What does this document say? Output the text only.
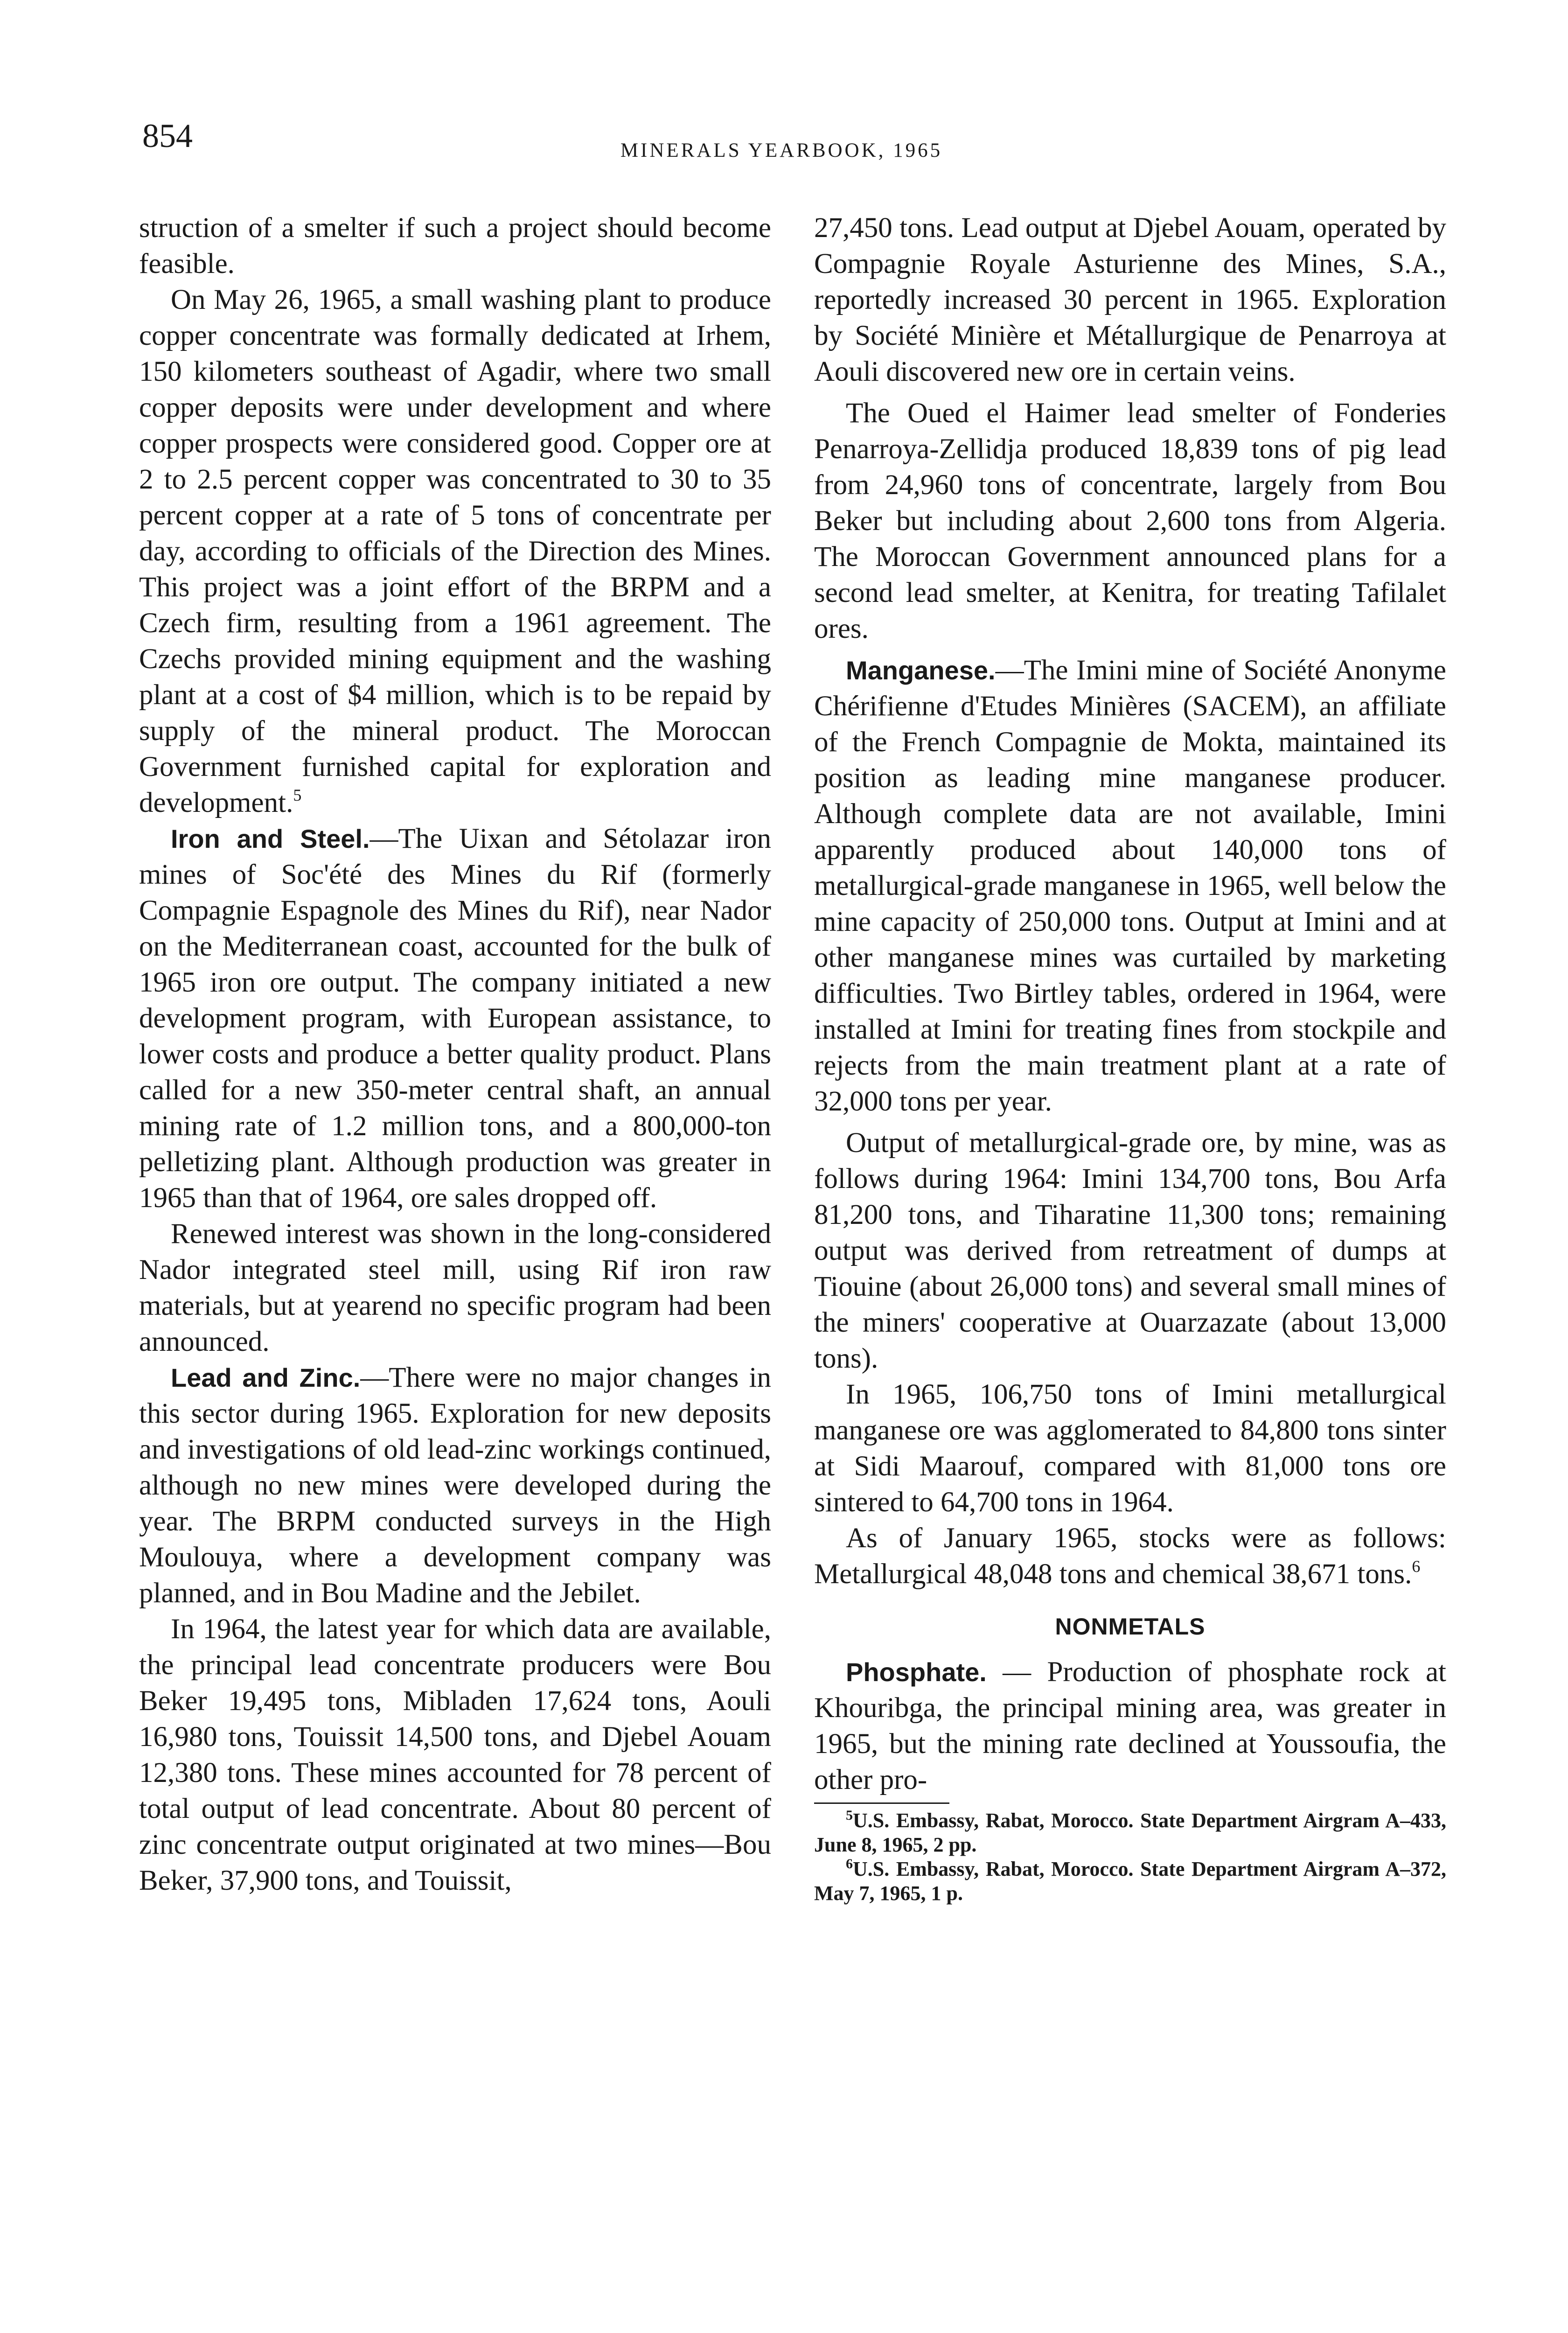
854	MINERALS YEARBOOK, 1965

struction of a smelter if such a project should become feasible.

On May 26, 1965, a small washing plant to produce copper concentrate was formally dedicated at Irhem, 150 kilometers southeast of Agadir, where two small copper deposits were under development and where copper prospects were considered good. Copper ore at 2 to 2.5 percent copper was concentrated to 30 to 35 percent copper at a rate of 5 tons of concentrate per day, according to officials of the Direction des Mines. This project was a joint effort of the BRPM and a Czech firm, resulting from a 1961 agreement. The Czechs provided mining equipment and the washing plant at a cost of $4 million, which is to be repaid by supply of the mineral product. The Moroccan Government furnished capital for exploration and development.$^5$

Iron and Steel.—The Uixan and Sétolazar iron mines of Soc'été des Mines du Rif (formerly Compagnie Espagnole des Mines du Rif), near Nador on the Mediterranean coast, accounted for the bulk of 1965 iron ore output. The company initiated a new development program, with European assistance, to lower costs and produce a better quality product. Plans called for a new 350-meter central shaft, an annual mining rate of 1.2 million tons, and a 800,000-ton pelletizing plant. Although production was greater in 1965 than that of 1964, ore sales dropped off.

Renewed interest was shown in the long-considered Nador integrated steel mill, using Rif iron raw materials, but at yearend no specific program had been announced.

Lead and Zinc.—There were no major changes in this sector during 1965. Exploration for new deposits and investigations of old lead-zinc workings continued, although no new mines were developed during the year. The BRPM conducted surveys in the High Moulouya, where a development company was planned, and in Bou Madine and the Jebilet.

In 1964, the latest year for which data are available, the principal lead concentrate producers were Bou Beker 19,495 tons, Mibladen 17,624 tons, Aouli 16,980 tons, Touissit 14,500 tons, and Djebel Aouam 12,380 tons. These mines accounted for 78 percent of total output of lead concentrate. About 80 percent of zinc concentrate output originated at two mines—Bou Beker, 37,900 tons, and Touissit,

27,450 tons. Lead output at Djebel Aouam, operated by Compagnie Royale Asturienne des Mines, S.A., reportedly increased 30 percent in 1965. Exploration by Société Minière et Métallurgique de Penarroya at Aouli discovered new ore in certain veins.

The Oued el Haimer lead smelter of Fonderies Penarroya-Zellidja produced 18,839 tons of pig lead from 24,960 tons of concentrate, largely from Bou Beker but including about 2,600 tons from Algeria. The Moroccan Government announced plans for a second lead smelter, at Kenitra, for treating Tafilalet ores.

Manganese.—The Imini mine of Société Anonyme Chérifienne d'Etudes Minières (SACEM), an affiliate of the French Compagnie de Mokta, maintained its position as leading mine manganese producer. Although complete data are not available, Imini apparently produced about 140,000 tons of metallurgical-grade manganese in 1965, well below the mine capacity of 250,000 tons. Output at Imini and at other manganese mines was curtailed by marketing difficulties. Two Birtley tables, ordered in 1964, were installed at Imini for treating fines from stockpile and rejects from the main treatment plant at a rate of 32,000 tons per year.

Output of metallurgical-grade ore, by mine, was as follows during 1964: Imini 134,700 tons, Bou Arfa 81,200 tons, and Tiharatine 11,300 tons; remaining output was derived from retreatment of dumps at Tiouine (about 26,000 tons) and several small mines of the miners' cooperative at Ouarzazate (about 13,000 tons).

In 1965, 106,750 tons of Imini metallurgical manganese ore was agglomerated to 84,800 tons sinter at Sidi Maarouf, compared with 81,000 tons ore sintered to 64,700 tons in 1964.

As of January 1965, stocks were as follows: Metallurgical 48,048 tons and chemical 38,671 tons.$^6$

NONMETALS

Phosphate. — Production of phosphate rock at Khouribga, the principal mining area, was greater in 1965, but the mining rate declined at Youssoufia, the other pro-

$^5$U.S. Embassy, Rabat, Morocco. State Department Airgram A–433, June 8, 1965, 2 pp.

$^6$U.S. Embassy, Rabat, Morocco. State Department Airgram A–372, May 7, 1965, 1 p.
